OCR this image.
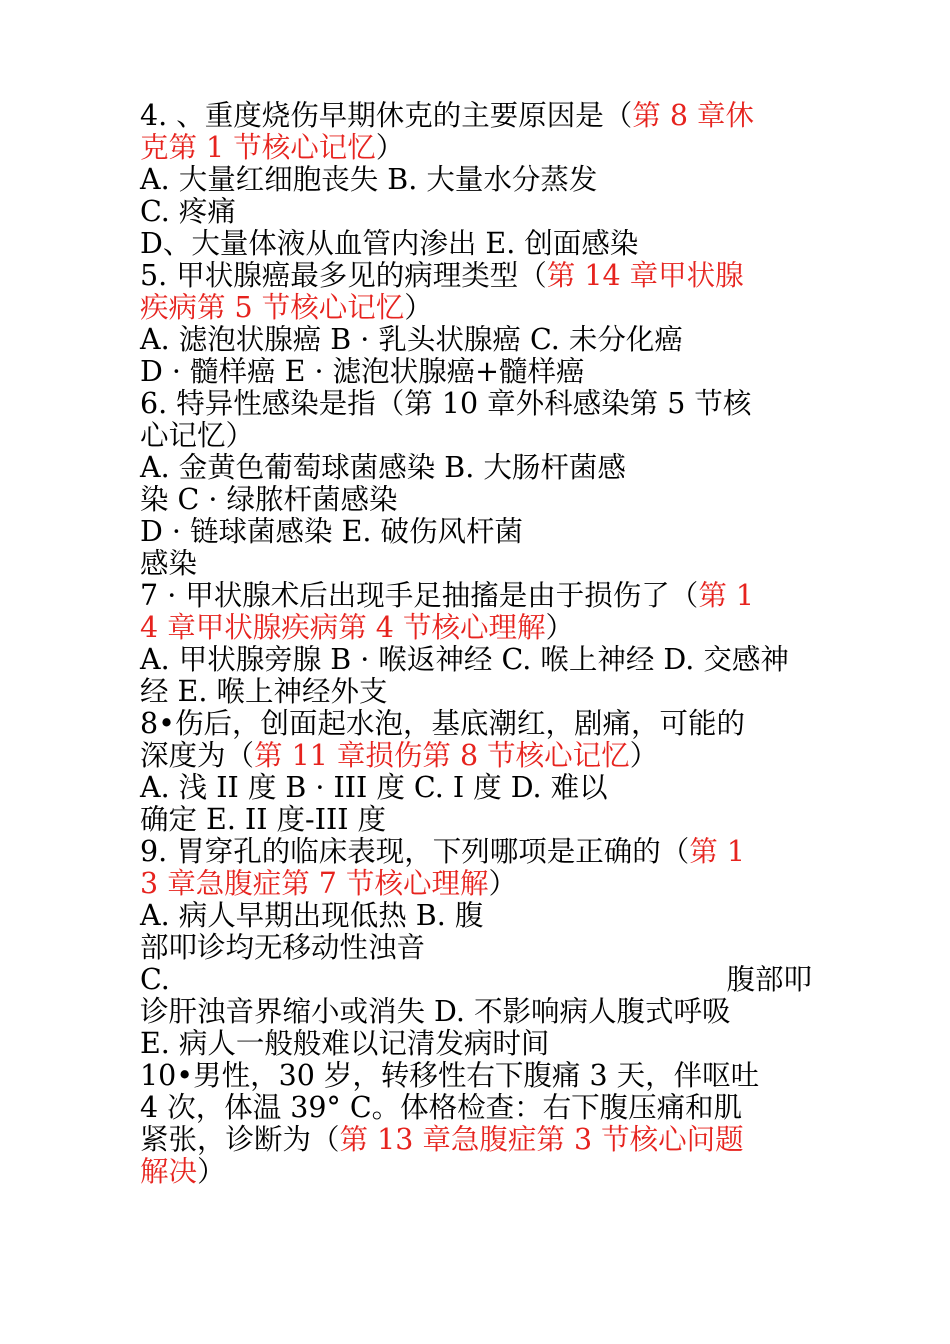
4. 、重度烧伤早期休克的主要原因是（第 8 章休
克第 1 节核心记忆）
A. 大量红细胞丧失 B. 大量水分蒸发
C. 疼痛
D、大量体液从血管内渗出 E. 创面感染
5. 甲状腺癌最多见的病理类型（第 14 章甲状腺
疾病第 5 节核心记忆）
A. 滤泡状腺癌 B · 乳头状腺癌 C. 未分化癌
D · 髓样癌 E · 滤泡状腺癌+髓样癌
6. 特异性感染是指（第 10 章外科感染第 5 节核
心记忆）
A. 金黄色葡萄球菌感染 B. 大肠杆菌感
染 C · 绿脓杆菌感染
D · 链球菌感染 E. 破伤风杆菌
感染
7 · 甲状腺术后出现手足抽搐是由于损伤了（第 1
4 章甲状腺疾病第 4 节核心理解）
A. 甲状腺旁腺 B · 喉返神经 C. 喉上神经 D. 交感神
经 E. 喉上神经外支
8•伤后，创面起水泡，基底潮红，剧痛，可能的
深度为（第 11 章损伤第 8 节核心记忆）
A. 浅 II 度 B · III 度 C. I 度 D. 难以
确定 E. II 度-III 度
9. 胃穿孔的临床表现，下列哪项是正确的（第 1
3 章急腹症第 7 节核心理解）
A. 病人早期出现低热 B. 腹
部叩诊均无移动性浊音
C.	腹部叩
诊肝浊音界缩小或消失 D. 不影响病人腹式呼吸
E. 病人一般般难以记清发病时间
10•男性，30 岁，转移性右下腹痛 3 天，伴呕吐
4 次，体温 39° C。体格检查：右下腹压痛和肌
紧张，诊断为（第 13 章急腹症第 3 节核心问题
解决）
